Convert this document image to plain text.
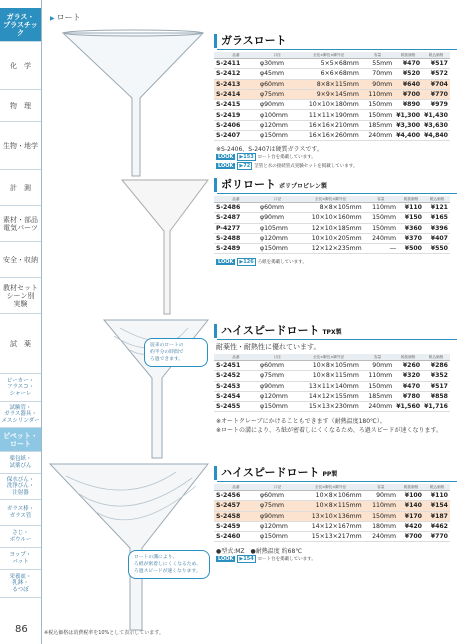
ガラス・
プラスチック
化　学
物　理
生物・地学
計　測
素材・部品
電気パーツ
安全・収納
教材セット
シーン別
実験
試　薬
ビーカー・
フラスコ・
シャーレ
試験管・
ガラス器具・
メスシリンダー
ピペット・
ロート
薬包紙・
試薬びん
保水びん・
洗浄びん・
注射器
ガラス棒・
ガラス管
さじ・
ボウルー
ヨップ・
バット
栄養皿・
乳鉢・
るつぼ
▶ ロート
従来のロートの
約半分の時間で
ろ過できます。
ロートの溝により、
ろ紙が密着しにくくなるため、
ろ過スピードが速くなります。
ガラスロート
品番	口径	全長×脚長×脚外径	容量	税抜価格	税込価格
S-2411	φ30mm	5×5×68mm	55mm	¥470	¥517
S-2412	φ45mm	6×6×68mm	70mm	¥520	¥572
S-2413	φ60mm	8×8×115mm	90mm	¥640	¥704
S-2414	φ75mm	9×9×145mm	110mm	¥700	¥770
S-2415	φ90mm	10×10×180mm	150mm	¥890	¥979
S-2419	φ100mm	11×11×190mm	150mm	¥1,300	¥1,430
S-2406	φ120mm	16×16×210mm	185mm	¥3,300	¥3,630
S-2407	φ150mm	16×16×260mm	240mm	¥4,400	¥4,840
※S-2406、S-2407は硬質ガラスです。
LOOK	▶153 ロート台を掲載しています。
LOOK	▶72 茎管と水の接続管式実験セットを掲載しています。
ポリロート ポリプロピレン製
品番	口径	全長×脚長×脚外径	容量	税抜価格	税込価格
S-2486	φ60mm	8×8×105mm	110mm	¥110	¥121
S-2487	φ90mm	10×10×160mm	150mm	¥150	¥165
P-4277	φ105mm	12×10×185mm	150mm	¥360	¥396
S-2488	φ120mm	10×10×205mm	240mm	¥370	¥407
S-2489	φ150mm	12×12×235mm	―	¥500	¥550
LOOK	▶126 ろ紙を掲載しています。
ハイスピードロート TPX製
耐薬性・耐熱性に優れています。
品番	口径	全長×脚長×脚外径	容量	税抜価格	税込価格
S-2451	φ60mm	10×8×105mm	90mm	¥260	¥286
S-2452	φ75mm	10×8×115mm	110mm	¥320	¥352
S-2453	φ90mm	13×11×140mm	150mm	¥470	¥517
S-2454	φ120mm	14×12×155mm	185mm	¥780	¥858
S-2455	φ150mm	15×13×230mm	240mm	¥1,560	¥1,716
※オートクレーブにかけることもできます（耐熱温度180℃）。
※ロートの溝により、ろ紙が密着しにくくなるため、ろ過スピードが速くなります。
ハイスピードロート PP製
品番	口径	全長×脚長×脚外径	容量	税抜価格	税込価格
S-2456	φ60mm	10×8×106mm	90mm	¥100	¥110
S-2457	φ75mm	10×8×115mm	110mm	¥140	¥154
S-2458	φ90mm	13×10×136mm	150mm	¥170	¥187
S-2459	φ120mm	14×12×167mm	180mm	¥420	¥462
S-2460	φ150mm	15×13×217mm	240mm	¥700	¥770
●型式:MZ　●耐熱温度 約68℃
LOOK	▶154 ロート台を掲載しています。
86	※税込価格は消費税率を10%として表示しています。
